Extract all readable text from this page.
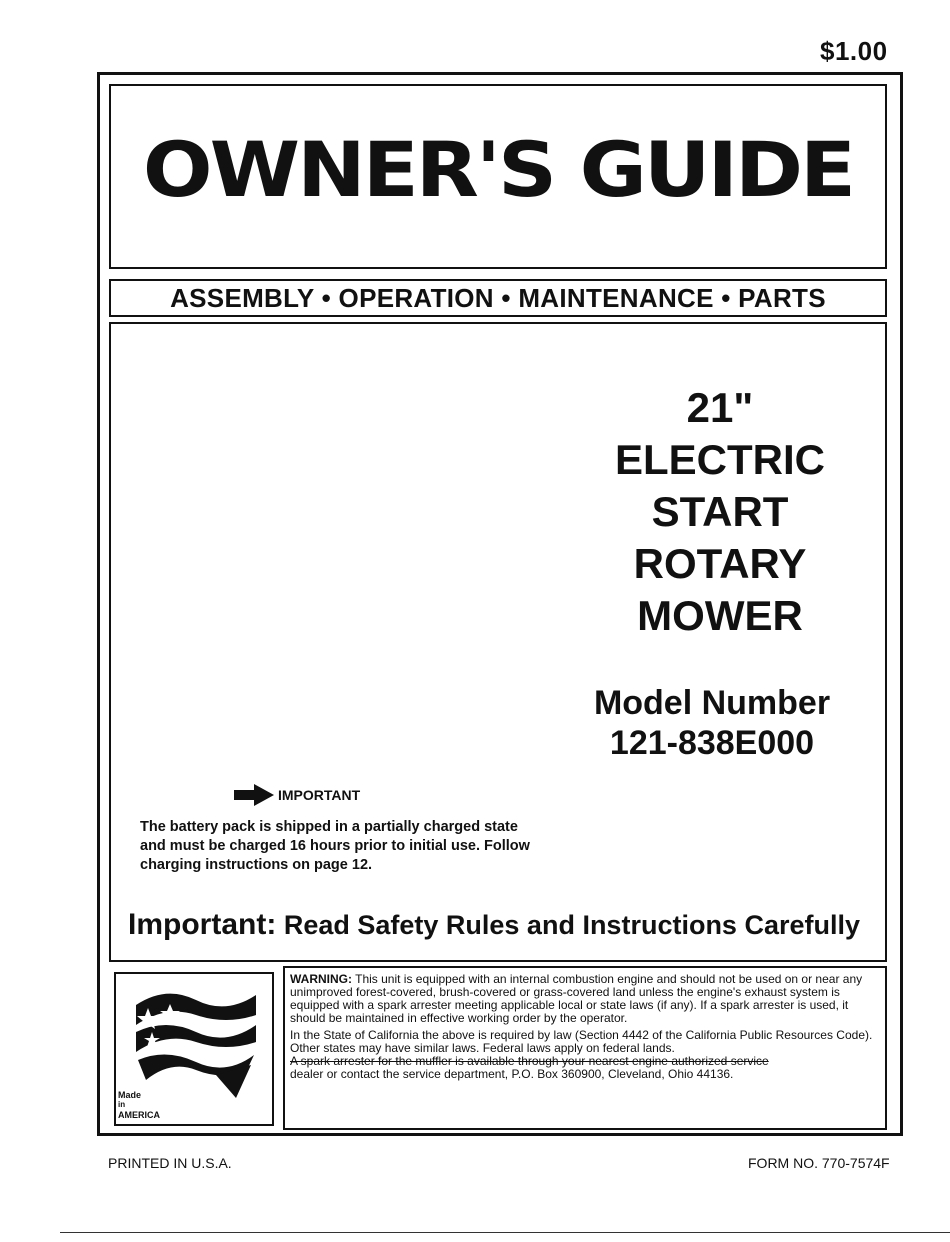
$1.00
OWNER'S GUIDE
ASSEMBLY • OPERATION • MAINTENANCE • PARTS
21"
ELECTRIC
START
ROTARY
MOWER
Model Number
121-838E000
IMPORTANT
The battery pack is shipped in a partially charged state and must be charged 16 hours prior to initial use. Follow charging instructions on page 12.
Important: Read Safety Rules and Instructions Carefully
Made
in
AMERICA

WARNING: This unit is equipped with an internal combustion engine and should not be used on or near any unimproved forest-covered, brush-covered or grass-covered land unless the engine's exhaust system is equipped with a spark arrester meeting applicable local or state laws (if any). If a spark arrester is used, it should be maintained in effective working order by the operator.

In the State of California the above is required by law (Section 4442 of the California Public Resources Code). Other states may have similar laws. Federal laws apply on federal lands.

A spark arrester for the muffler is available through your nearest engine authorized service

dealer or contact the service department, P.O. Box 360900, Cleveland, Ohio 44136.

PRINTED IN U.S.A.	FORM NO. 770-7574F
